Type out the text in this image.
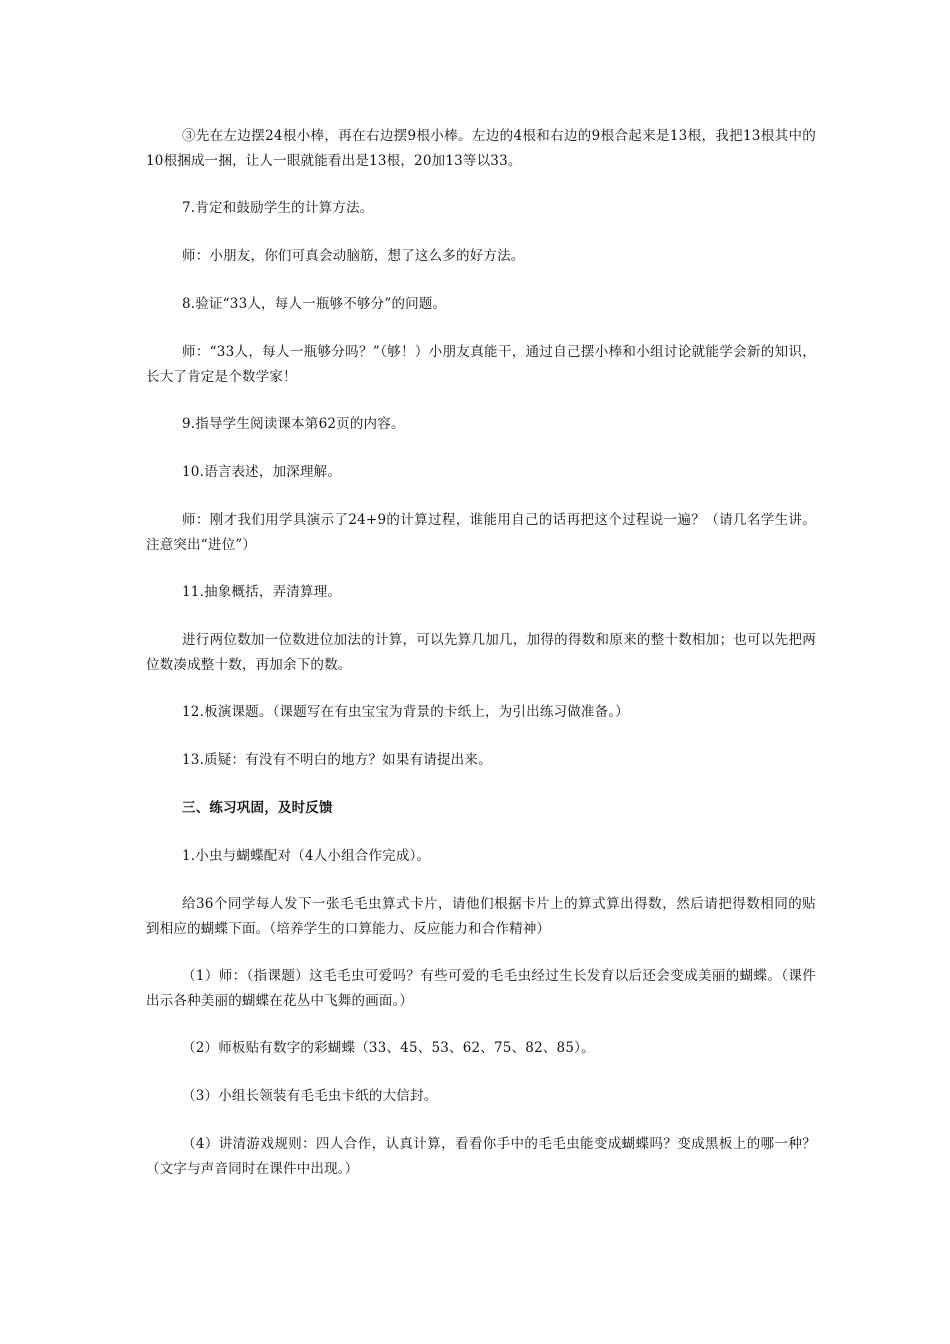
③先在左边摆24根小棒，再在右边摆9根小棒。左边的4根和右边的9根合起来是13根，我把13根其中的10根捆成一捆，让人一眼就能看出是13根，20加13等以33。

7.肯定和鼓励学生的计算方法。

师：小朋友，你们可真会动脑筋，想了这么多的好方法。

8.验证“33人，每人一瓶够不够分”的问题。

师：“33人，每人一瓶够分吗？”（够！）小朋友真能干，通过自己摆小棒和小组讨论就能学会新的知识，长大了肯定是个数学家！

9.指导学生阅读课本第62页的内容。

10.语言表述，加深理解。

师：刚才我们用学具演示了24+9的计算过程，谁能用自己的话再把这个过程说一遍？（请几名学生讲。注意突出“进位”）

11.抽象概括，弄清算理。

进行两位数加一位数进位加法的计算，可以先算几加几，加得的得数和原来的整十数相加；也可以先把两位数凑成整十数，再加余下的数。

12.板演课题。（课题写在有虫宝宝为背景的卡纸上，为引出练习做准备。）

13.质疑：有没有不明白的地方？如果有请提出来。

三、练习巩固，及时反馈

1.小虫与蝴蝶配对（4人小组合作完成）。

给36个同学每人发下一张毛毛虫算式卡片，请他们根据卡片上的算式算出得数，然后请把得数相同的贴到相应的蝴蝶下面。（培养学生的口算能力、反应能力和合作精神）

（1）师：（指课题）这毛毛虫可爱吗？有些可爱的毛毛虫经过生长发育以后还会变成美丽的蝴蝶。（课件出示各种美丽的蝴蝶在花丛中飞舞的画面。）

（2）师板贴有数字的彩蝴蝶（33、45、53、62、75、82、85）。

（3）小组长领装有毛毛虫卡纸的大信封。

（4）讲清游戏规则：四人合作，认真计算，看看你手中的毛毛虫能变成蝴蝶吗？变成黑板上的哪一种？（文字与声音同时在课件中出现。）
